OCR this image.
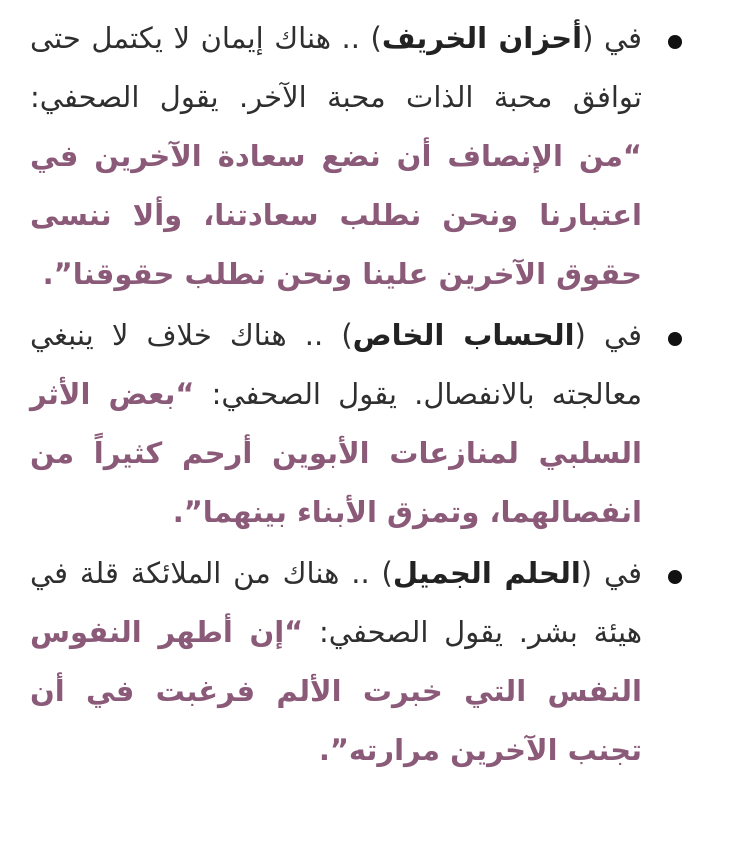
في (أحزان الخريف) .. هناك إيمان لا يكتمل حتى توافق محبة الذات محبة الآخر. يقول الصحفي: “من الإنصاف أن نضع سعادة الآخرين في اعتبارنا ونحن نطلب سعادتنا، وألا ننسى حقوق الآخرين علينا ونحن نطلب حقوقنا”.
في (الحساب الخاص) .. هناك خلاف لا ينبغي معالجته بالانفصال. يقول الصحفي: “بعض الأثر السلبي لمنازعات الأبوين أرحم كثيراً من انفصالهما، وتمزق الأبناء بينهما”.
في (الحلم الجميل) .. هناك من الملائكة قلة في هيئة بشر. يقول الصحفي: “إن أطهر النفوس النفس التي خبرت الألم فرغبت في أن تجنب الآخرين مرارته”.
